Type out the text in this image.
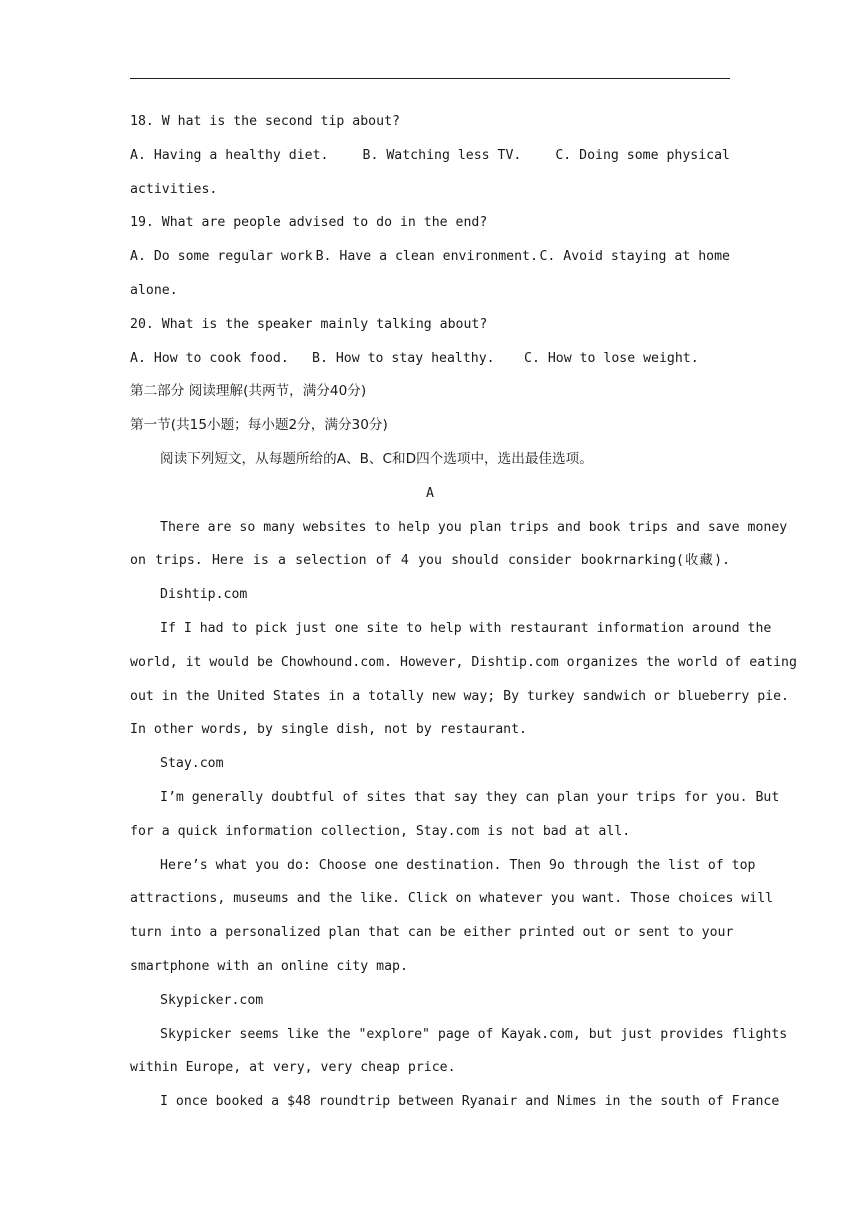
18. W hat is the second tip about?
A. Having a healthy diet.	B. Watching less TV.	C. Doing some physical
activities.
19. What are people advised to do in the end?
A. Do some regular work B. Have a clean environment. C. Avoid staying at home
alone.
20. What is the speaker mainly talking about?
A. How to cook food.	B. How to stay healthy.	C. How to lose weight.
第二部分 阅读理解(共两节，满分40分)
第一节(共15小题；每小题2分，满分30分)
阅读下列短文，从每题所给的A、B、C和D四个选项中，选出最佳选项。
A
There are so many websites to help you plan trips and book trips and save money
on trips. Here is a selection of 4 you should consider bookrnarking(收藏).
Dishtip.com
If I had to pick just one site to help with restaurant information around the
world, it would be Chowhound.com. However, Dishtip.com organizes the world of eating
out in the United States in a totally new way; By turkey sandwich or blueberry pie.
In other words, by single dish, not by restaurant.
Stay.com
I’m generally doubtful of sites that say they can plan your trips for you. But
for a quick information collection, Stay.com is not bad at all.
Here’s what you do: Choose one destination. Then 9o through the list of top
attractions, museums and the like. Click on whatever you want. Those choices will
turn into a personalized plan that can be either printed out or sent to your
smartphone with an online city map.
Skypicker.com
Skypicker seems like the "explore" page of Kayak.com, but just provides flights
within Europe, at very, very cheap price.
I once booked a $48 roundtrip between Ryanair and Nimes in the south of France
